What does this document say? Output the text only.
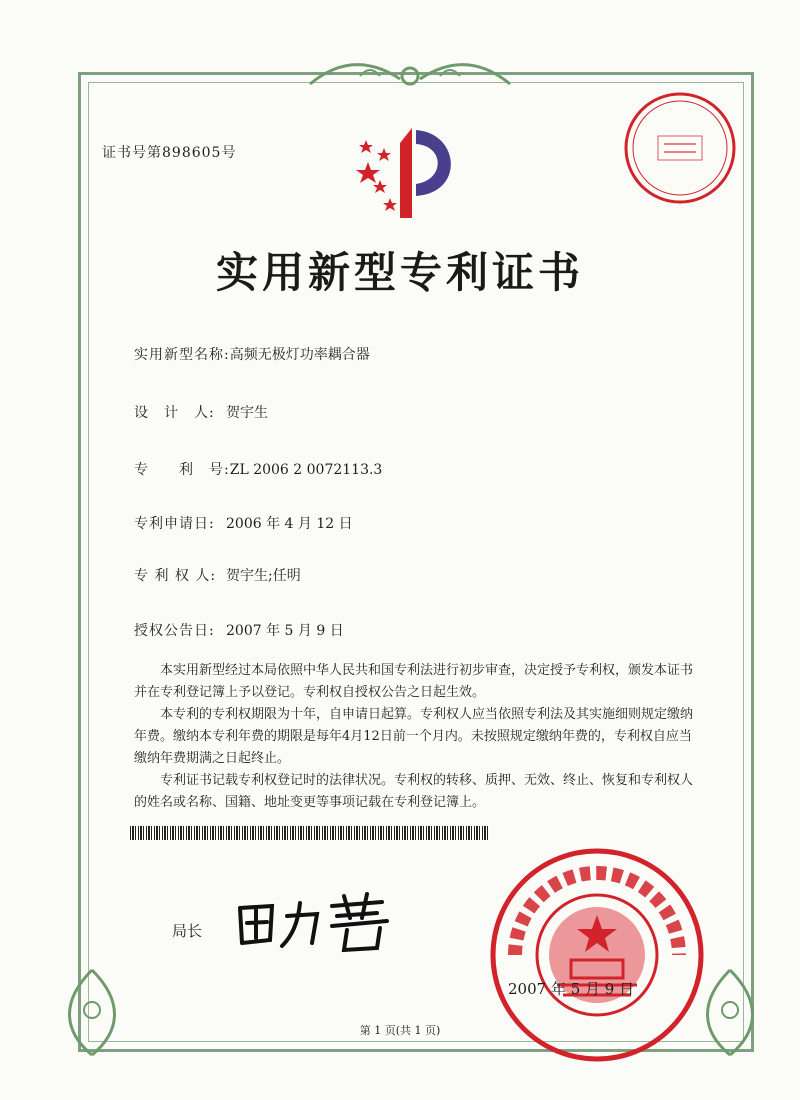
证书号第898605号
实用新型专利证书
实用新型名称:高频无极灯功率耦合器
设　计　人: 贺宇生
专　　利　号:ZL 2006 2 0072113.3
专利申请日: 2006 年 4 月 12 日
专 利 权 人: 贺宇生;任明
授权公告日: 2007 年 5 月 9 日

本实用新型经过本局依照中华人民共和国专利法进行初步审查，决定授予专利权，颁发本证书并在专利登记簿上予以登记。专利权自授权公告之日起生效。

本专利的专利权期限为十年，自申请日起算。专利权人应当依照专利法及其实施细则规定缴纳年费。缴纳本专利年费的期限是每年4月12日前一个月内。未按照规定缴纳年费的，专利权自应当缴纳年费期满之日起终止。

专利证书记载专利权登记时的法律状况。专利权的转移、质押、无效、终止、恢复和专利权人的姓名或名称、国籍、地址变更等事项记载在专利登记簿上。

局长
2007 年 5 月 9 日
第 1 页(共 1 页)
